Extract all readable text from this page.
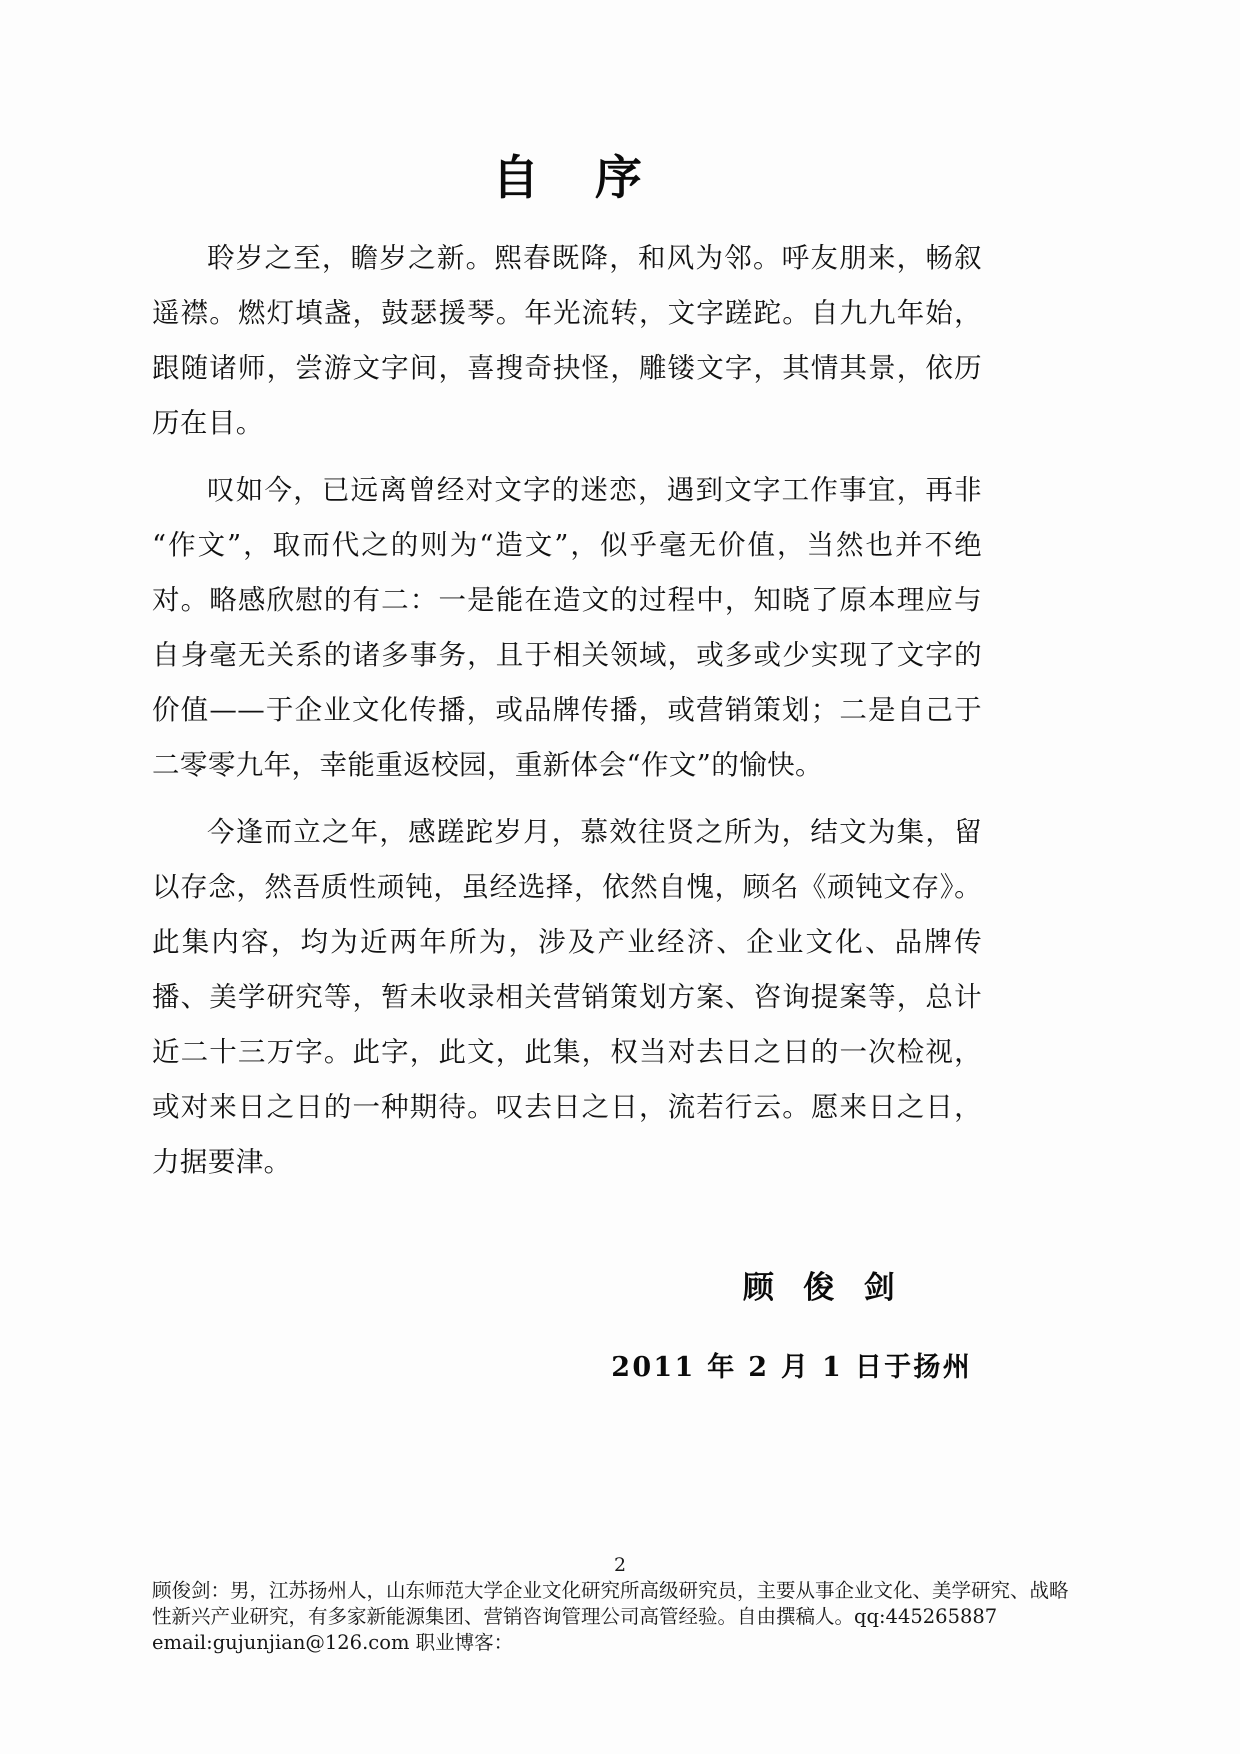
自 序

聆岁之至，瞻岁之新。熙春既降，和风为邻。呼友朋来，畅叙遥襟。燃灯填盏，鼓瑟援琴。年光流转，文字蹉跎。自九九年始，跟随诸师，尝游文字间，喜搜奇抉怪，雕镂文字，其情其景，依历历在目。

叹如今，已远离曾经对文字的迷恋，遇到文字工作事宜，再非“作文”，取而代之的则为“造文”，似乎毫无价值，当然也并不绝对。略感欣慰的有二：一是能在造文的过程中，知晓了原本理应与自身毫无关系的诸多事务，且于相关领域，或多或少实现了文字的价值——于企业文化传播，或品牌传播，或营销策划；二是自己于二零零九年，幸能重返校园，重新体会“作文”的愉快。

今逢而立之年，感蹉跎岁月，慕效往贤之所为，结文为集，留以存念，然吾质性顽钝，虽经选择，依然自愧，顾名《顽钝文存》。此集内容，均为近两年所为，涉及产业经济、企业文化、品牌传播、美学研究等，暂未收录相关营销策划方案、咨询提案等，总计近二十三万字。此字，此文，此集，权当对去日之日的一次检视，或对来日之日的一种期待。叹去日之日，流若行云。愿来日之日，力据要津。

顾 俊 剑
2011 年 2 月 1 日于扬州
2
顾俊剑：男，江苏扬州人，山东师范大学企业文化研究所高级研究员，主要从事企业文化、美学研究、战略
性新兴产业研究，有多家新能源集团、营销咨询管理公司高管经验。自由撰稿人。qq:445265887
email:gujunjian@126.com 职业博客：
